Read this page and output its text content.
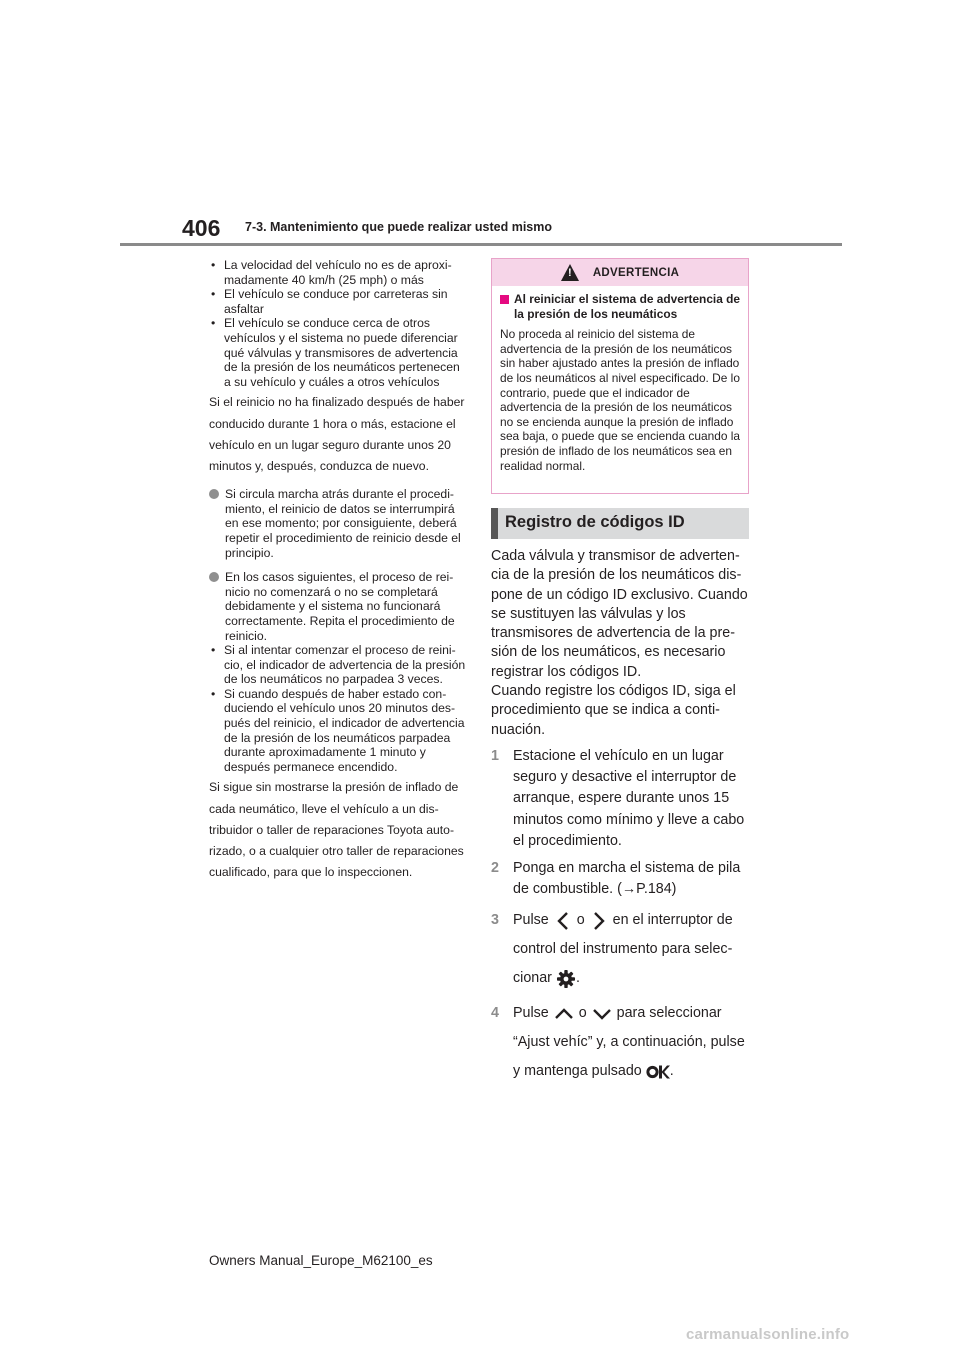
406 7-3. Mantenimiento que puede realizar usted mismo

• La velocidad del vehículo no es de aproximadamente 40 km/h (25 mph) o más

• El vehículo se conduce por carreteras sin asfaltar

• El vehículo se conduce cerca de otros vehículos y el sistema no puede diferenciar qué válvulas y transmisores de advertencia de la presión de los neumáticos pertenecen a su vehículo y cuáles a otros vehículos

Si el reinicio no ha finalizado después de haber conducido durante 1 hora o más, estacione el vehículo en un lugar seguro durante unos 20 minutos y, después, conduzca de nuevo.

Si circula marcha atrás durante el procedimiento, el reinicio de datos se interrumpirá en ese momento; por consiguiente, deberá repetir el procedimiento de reinicio desde el principio.

En los casos siguientes, el proceso de reinicio no comenzará o no se completará debidamente y el sistema no funcionará correctamente. Repita el procedimiento de reinicio.

• Si al intentar comenzar el proceso de reinicio, el indicador de advertencia de la presión de los neumáticos no parpadea 3 veces.

• Si cuando después de haber estado conduciendo el vehículo unos 20 minutos después del reinicio, el indicador de advertencia de la presión de los neumáticos parpadea durante aproximadamente 1 minuto y después permanece encendido.

Si sigue sin mostrarse la presión de inflado de cada neumático, lleve el vehículo a un distribuidor o taller de reparaciones Toyota autorizado, o a cualquier otro taller de reparaciones cualificado, para que lo inspeccionen.

! ADVERTENCIA
Al reiniciar el sistema de advertencia de la presión de los neumáticos
No proceda al reinicio del sistema de advertencia de la presión de los neumáticos sin haber ajustado antes la presión de inflado de los neumáticos al nivel especificado. De lo contrario, puede que el indicador de advertencia de la presión de los neumáticos no se encienda aunque la presión de inflado sea baja, o puede que se encienda cuando la presión de inflado de los neumáticos sea en realidad normal.
Registro de códigos ID

Cada válvula y transmisor de advertencia de la presión de los neumáticos dispone de un código ID exclusivo. Cuando se sustituyen las válvulas y los transmisores de advertencia de la presión de los neumáticos, es necesario registrar los códigos ID.

Cuando registre los códigos ID, siga el procedimiento que se indica a continuación.

1 Estacione el vehículo en un lugar seguro y desactive el interruptor de arranque, espere durante unos 15 minutos como mínimo y lleve a cabo el procedimiento.
2 Ponga en marcha el sistema de pila de combustible. (→P.184)
3 Pulse o en el interruptor de control del instrumento para seleccionar .
4 Pulse o para seleccionar “Ajust vehíc” y, a continuación, pulse y mantenga pulsado .
Owners Manual_Europe_M62100_es
carmanualsonline.info
